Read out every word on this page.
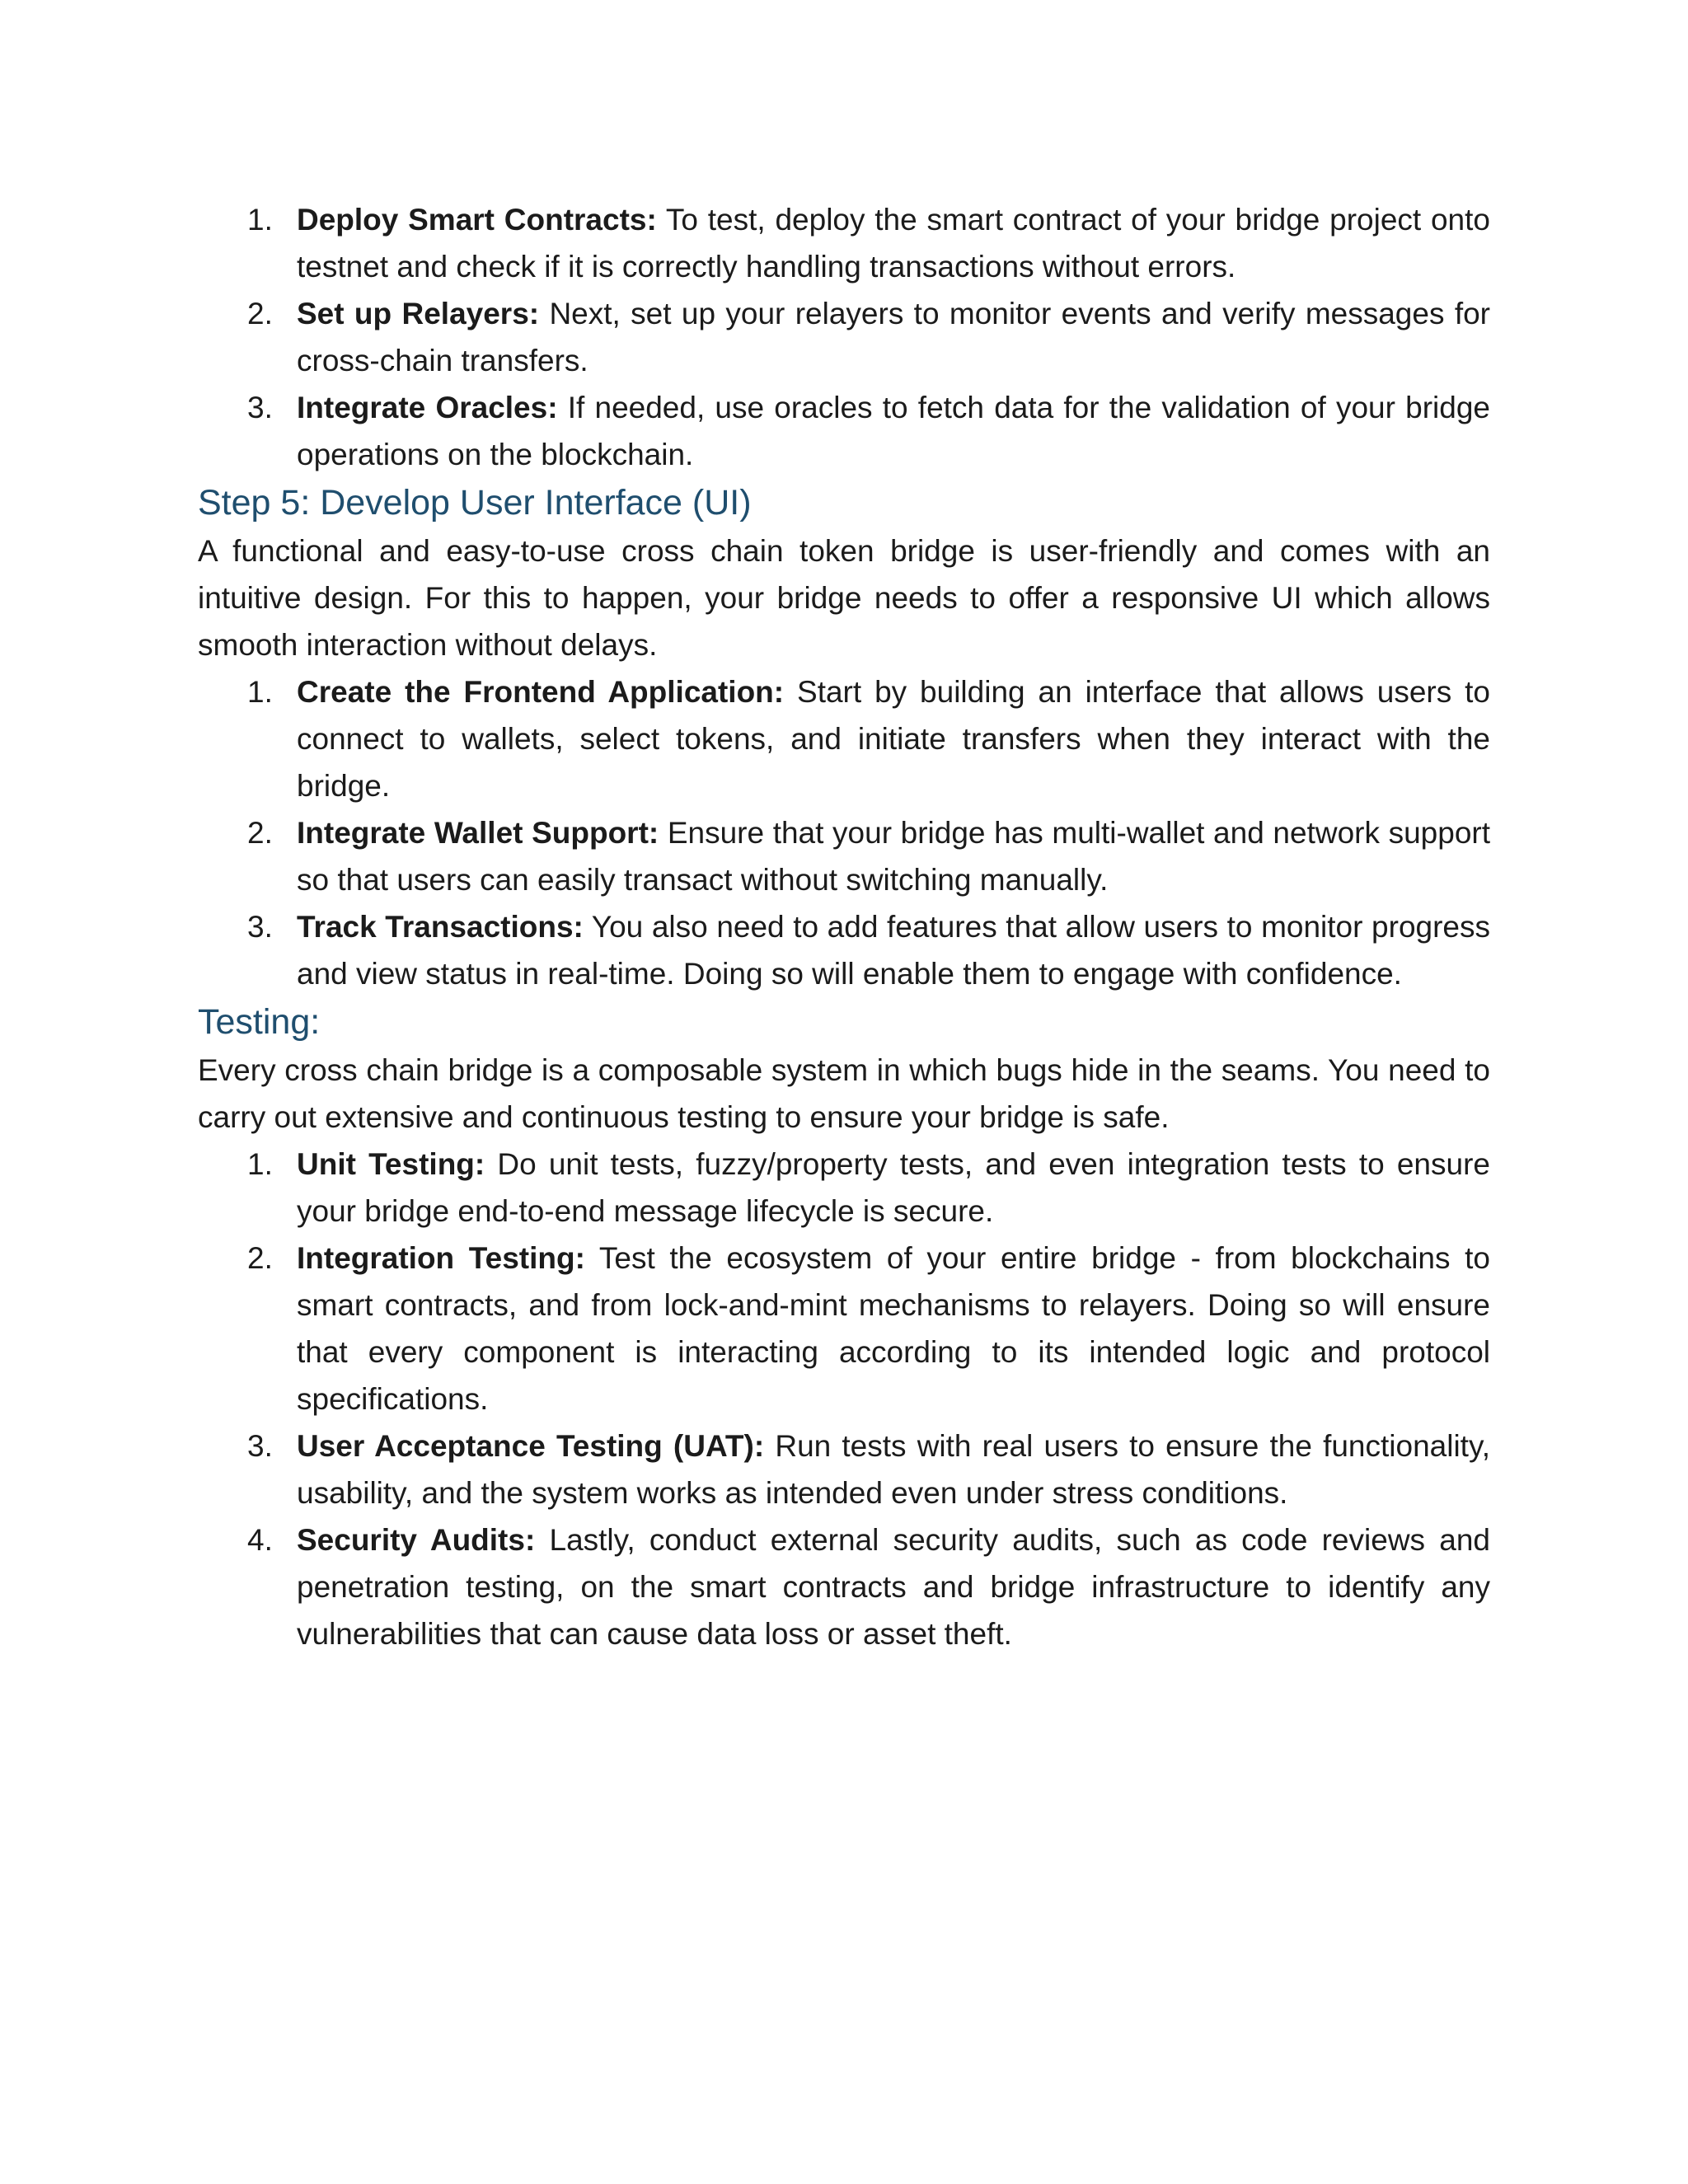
1. Deploy Smart Contracts: To test, deploy the smart contract of your bridge project onto testnet and check if it is correctly handling transactions without errors.
2. Set up Relayers: Next, set up your relayers to monitor events and verify messages for cross-chain transfers.
3. Integrate Oracles: If needed, use oracles to fetch data for the validation of your bridge operations on the blockchain.
Step 5: Develop User Interface (UI)

A functional and easy-to-use cross chain token bridge is user-friendly and comes with an intuitive design. For this to happen, your bridge needs to offer a responsive UI which allows smooth interaction without delays.

1. Create the Frontend Application: Start by building an interface that allows users to connect to wallets, select tokens, and initiate transfers when they interact with the bridge.
2. Integrate Wallet Support: Ensure that your bridge has multi-wallet and network support so that users can easily transact without switching manually.
3. Track Transactions: You also need to add features that allow users to monitor progress and view status in real-time. Doing so will enable them to engage with confidence.
Testing:

Every cross chain bridge is a composable system in which bugs hide in the seams. You need to carry out extensive and continuous testing to ensure your bridge is safe.

1. Unit Testing: Do unit tests, fuzzy/property tests, and even integration tests to ensure your bridge end-to-end message lifecycle is secure.
2. Integration Testing: Test the ecosystem of your entire bridge - from blockchains to smart contracts, and from lock-and-mint mechanisms to relayers. Doing so will ensure that every component is interacting according to its intended logic and protocol specifications.
3. User Acceptance Testing (UAT): Run tests with real users to ensure the functionality, usability, and the system works as intended even under stress conditions.
4. Security Audits: Lastly, conduct external security audits, such as code reviews and penetration testing, on the smart contracts and bridge infrastructure to identify any vulnerabilities that can cause data loss or asset theft.
